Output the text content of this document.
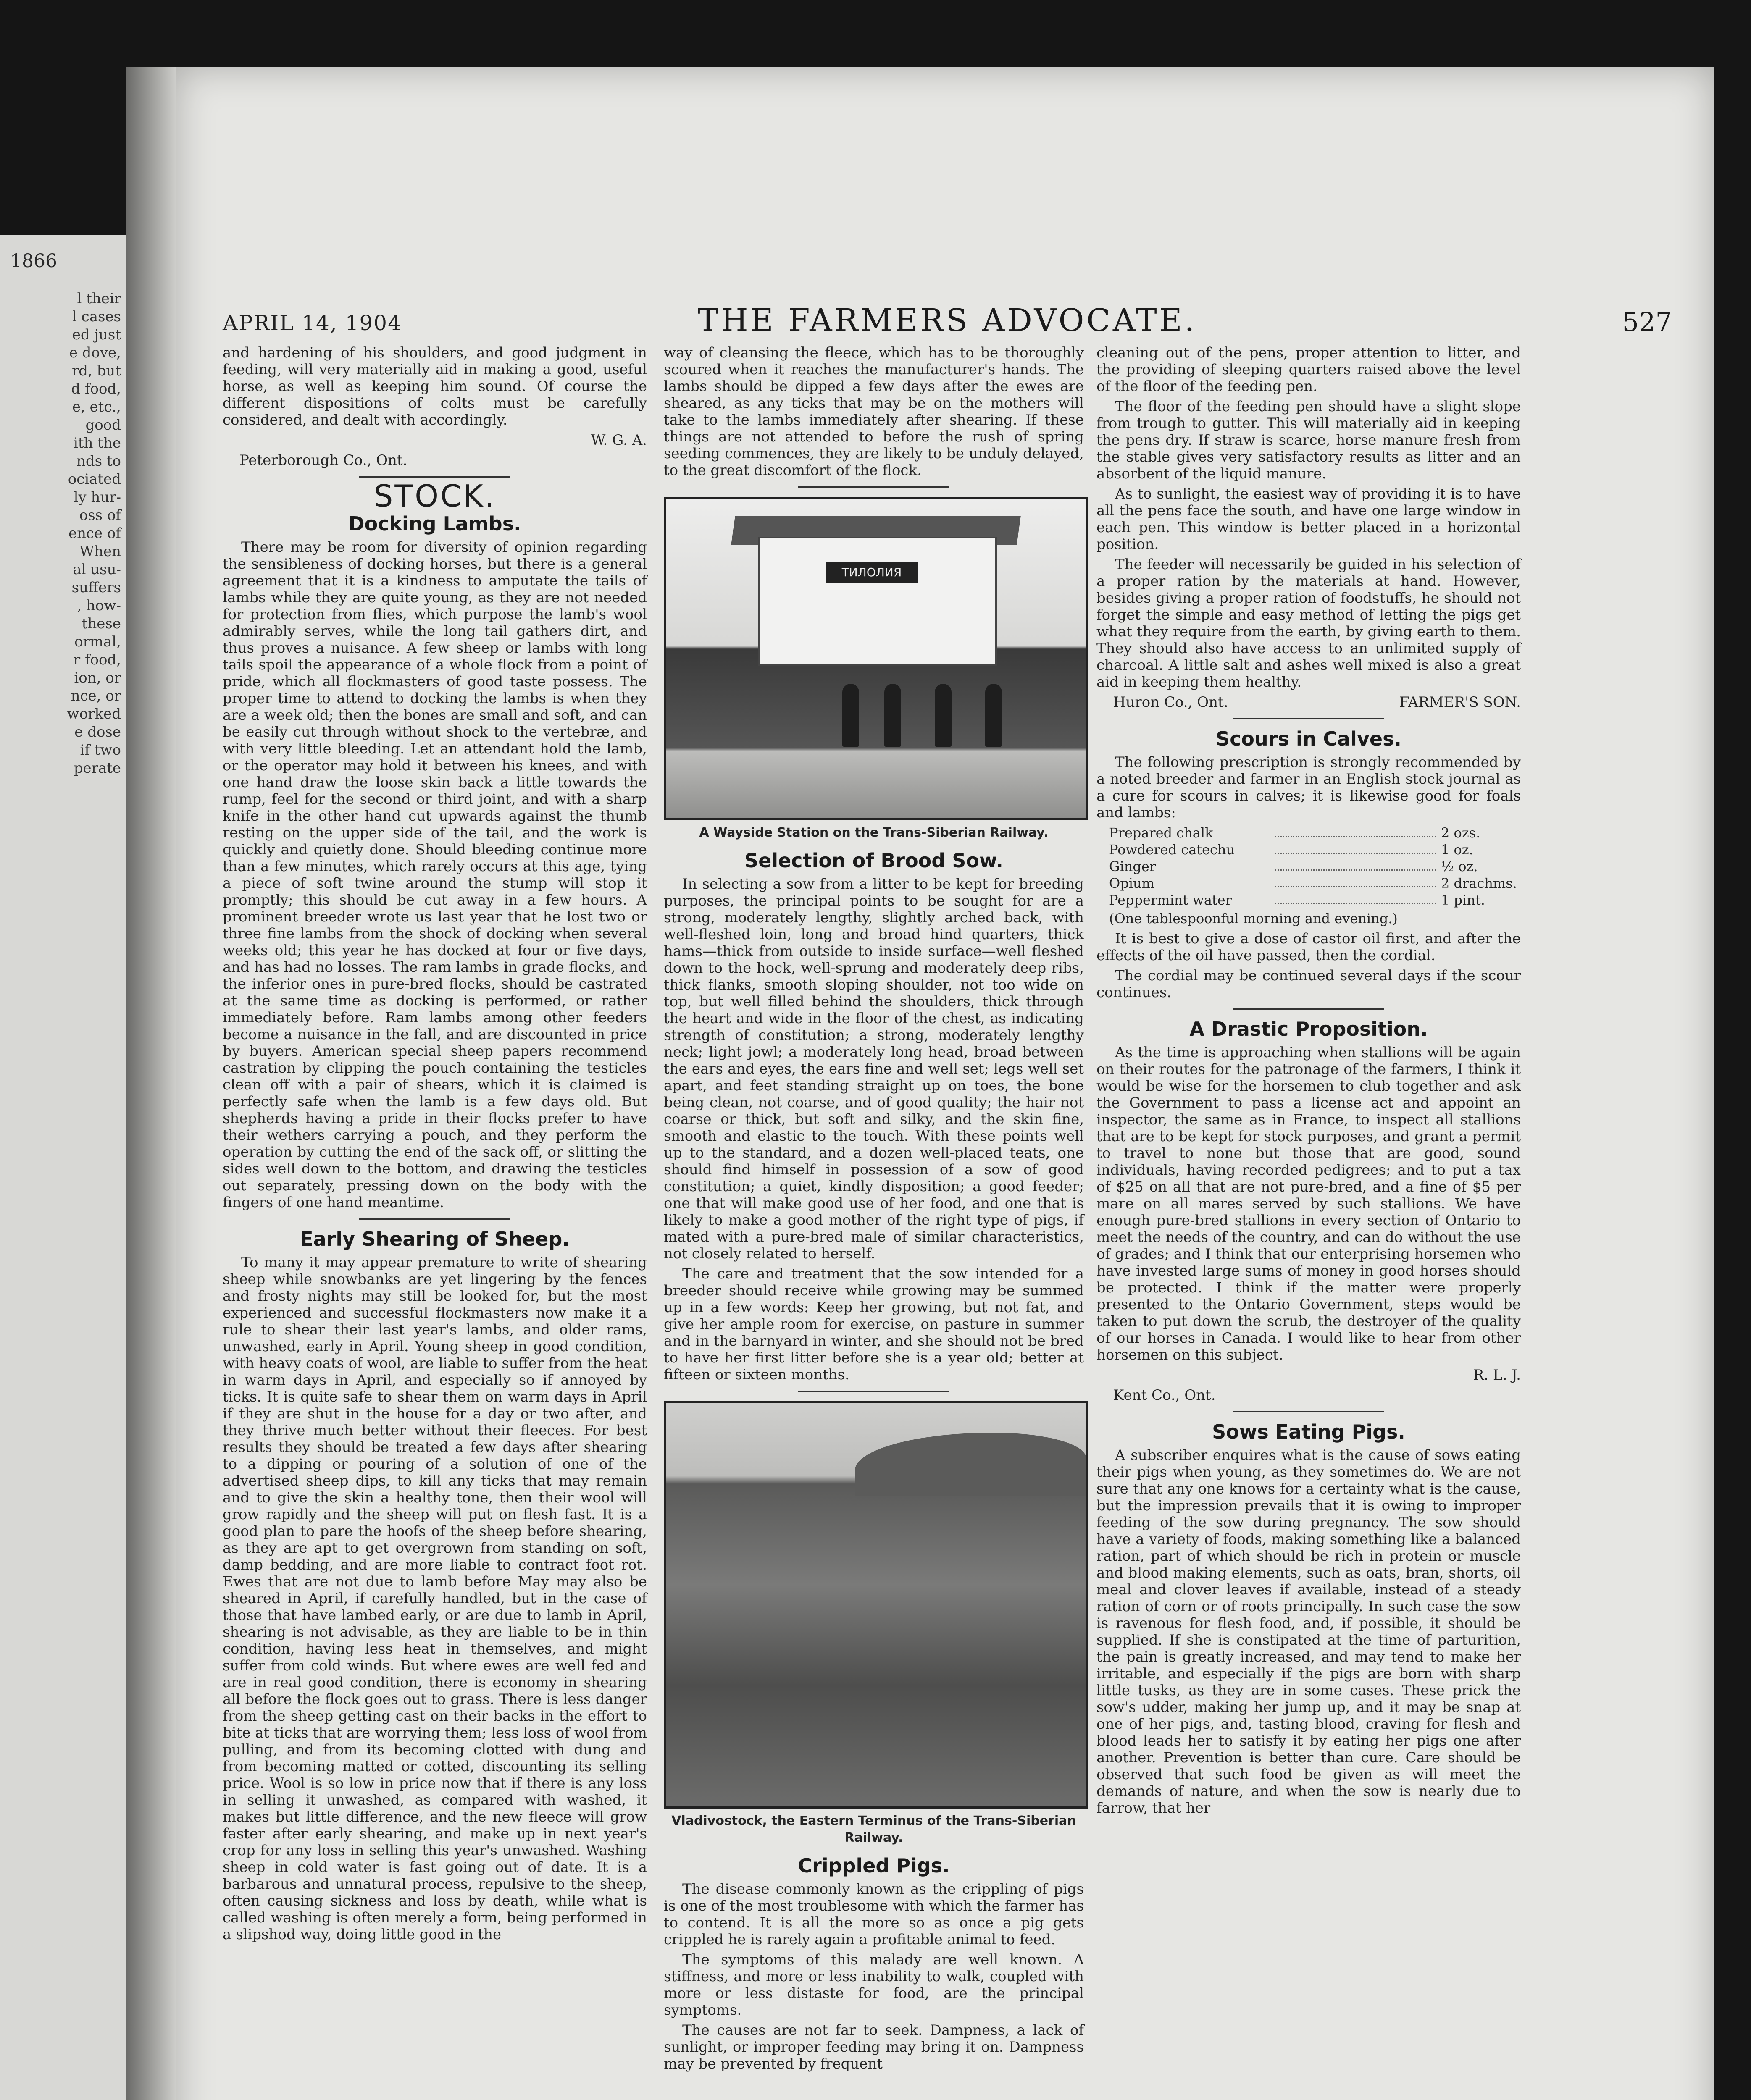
1866
l their
l cases
ed just
e dove,
rd, but
d food,
e, etc.,
good
ith the
nds to
ociated
ly hur-
oss of
ence of
When
al usu-
suffers
, how-
these
ormal,
r food,
ion, or
nce, or
worked
e dose
if two
perate
THE FARMERS ADVOCATE.
APRIL 14, 1904	527

and hardening of his shoulders, and good judgment in feeding, will very materially aid in making a good, useful horse, as well as keeping him sound. Of course the different dispositions of colts must be carefully considered, and dealt with accordingly.

W. G. A.
Peterborough Co., Ont.
STOCK.
Docking Lambs.

There may be room for diversity of opinion regarding the sensibleness of docking horses, but there is a general agreement that it is a kindness to amputate the tails of lambs while they are quite young, as they are not needed for protection from flies, which purpose the lamb's wool admirably serves, while the long tail gathers dirt, and thus proves a nuisance. A few sheep or lambs with long tails spoil the appearance of a whole flock from a point of pride, which all flockmasters of good taste possess. The proper time to attend to docking the lambs is when they are a week old; then the bones are small and soft, and can be easily cut through without shock to the vertebræ, and with very little bleeding. Let an attendant hold the lamb, or the operator may hold it between his knees, and with one hand draw the loose skin back a little towards the rump, feel for the second or third joint, and with a sharp knife in the other hand cut upwards against the thumb resting on the upper side of the tail, and the work is quickly and quietly done. Should bleeding continue more than a few minutes, which rarely occurs at this age, tying a piece of soft twine around the stump will stop it promptly; this should be cut away in a few hours. A prominent breeder wrote us last year that he lost two or three fine lambs from the shock of docking when several weeks old; this year he has docked at four or five days, and has had no losses. The ram lambs in grade flocks, and the inferior ones in pure-bred flocks, should be castrated at the same time as docking is performed, or rather immediately before. Ram lambs among other feeders become a nuisance in the fall, and are discounted in price by buyers. American special sheep papers recommend castration by clipping the pouch containing the testicles clean off with a pair of shears, which it is claimed is perfectly safe when the lamb is a few days old. But shepherds having a pride in their flocks prefer to have their wethers carrying a pouch, and they perform the operation by cutting the end of the sack off, or slitting the sides well down to the bottom, and drawing the testicles out separately, pressing down on the body with the fingers of one hand meantime.

Early Shearing of Sheep.

To many it may appear premature to write of shearing sheep while snowbanks are yet lingering by the fences and frosty nights may still be looked for, but the most experienced and successful flockmasters now make it a rule to shear their last year's lambs, and older rams, unwashed, early in April. Young sheep in good condition, with heavy coats of wool, are liable to suffer from the heat in warm days in April, and especially so if annoyed by ticks. It is quite safe to shear them on warm days in April if they are shut in the house for a day or two after, and they thrive much better without their fleeces. For best results they should be treated a few days after shearing to a dipping or pouring of a solution of one of the advertised sheep dips, to kill any ticks that may remain and to give the skin a healthy tone, then their wool will grow rapidly and the sheep will put on flesh fast. It is a good plan to pare the hoofs of the sheep before shearing, as they are apt to get overgrown from standing on soft, damp bedding, and are more liable to contract foot rot. Ewes that are not due to lamb before May may also be sheared in April, if carefully handled, but in the case of those that have lambed early, or are due to lamb in April, shearing is not advisable, as they are liable to be in thin condition, having less heat in themselves, and might suffer from cold winds. But where ewes are well fed and are in real good condition, there is economy in shearing all before the flock goes out to grass. There is less danger from the sheep getting cast on their backs in the effort to bite at ticks that are worrying them; less loss of wool from pulling, and from its becoming clotted with dung and from becoming matted or cotted, discounting its selling price. Wool is so low in price now that if there is any loss in selling it unwashed, as compared with washed, it makes but little difference, and the new fleece will grow faster after early shearing, and make up in next year's crop for any loss in selling this year's unwashed. Washing sheep in cold water is fast going out of date. It is a barbarous and unnatural process, repulsive to the sheep, often causing sickness and loss by death, while what is called washing is often merely a form, being performed in a slipshod way, doing little good in the

way of cleansing the fleece, which has to be thoroughly scoured when it reaches the manufacturer's hands. The lambs should be dipped a few days after the ewes are sheared, as any ticks that may be on the mothers will take to the lambs immediately after shearing. If these things are not attended to before the rush of spring seeding commences, they are likely to be unduly delayed, to the great discomfort of the flock.

ТИЛОЛИЯ
A Wayside Station on the Trans-Siberian Railway.
Selection of Brood Sow.

In selecting a sow from a litter to be kept for breeding purposes, the principal points to be sought for are a strong, moderately lengthy, slightly arched back, with well-fleshed loin, long and broad hind quarters, thick hams—thick from outside to inside surface—well fleshed down to the hock, well-sprung and moderately deep ribs, thick flanks, smooth sloping shoulder, not too wide on top, but well filled behind the shoulders, thick through the heart and wide in the floor of the chest, as indicating strength of constitution; a strong, moderately lengthy neck; light jowl; a moderately long head, broad between the ears and eyes, the ears fine and well set; legs well set apart, and feet standing straight up on toes, the bone being clean, not coarse, and of good quality; the hair not coarse or thick, but soft and silky, and the skin fine, smooth and elastic to the touch. With these points well up to the standard, and a dozen well-placed teats, one should find himself in possession of a sow of good constitution; a quiet, kindly disposition; a good feeder; one that will make good use of her food, and one that is likely to make a good mother of the right type of pigs, if mated with a pure-bred male of similar characteristics, not closely related to herself.

The care and treatment that the sow intended for a breeder should receive while growing may be summed up in a few words: Keep her growing, but not fat, and give her ample room for exercise, on pasture in summer and in the barnyard in winter, and she should not be bred to have her first litter before she is a year old; better at fifteen or sixteen months.

Vladivostock, the Eastern Terminus of the Trans-Siberian Railway.
Crippled Pigs.

The disease commonly known as the crippling of pigs is one of the most troublesome with which the farmer has to contend. It is all the more so as once a pig gets crippled he is rarely again a profitable animal to feed.

The symptoms of this malady are well known. A stiffness, and more or less inability to walk, coupled with more or less distaste for food, are the principal symptoms.

The causes are not far to seek. Dampness, a lack of sunlight, or improper feeding may bring it on. Dampness may be prevented by frequent

cleaning out of the pens, proper attention to litter, and the providing of sleeping quarters raised above the level of the floor of the feeding pen.

The floor of the feeding pen should have a slight slope from trough to gutter. This will materially aid in keeping the pens dry. If straw is scarce, horse manure fresh from the stable gives very satisfactory results as litter and an absorbent of the liquid manure.

As to sunlight, the easiest way of providing it is to have all the pens face the south, and have one large window in each pen. This window is better placed in a horizontal position.

The feeder will necessarily be guided in his selection of a proper ration by the materials at hand. However, besides giving a proper ration of foodstuffs, he should not forget the simple and easy method of letting the pigs get what they require from the earth, by giving earth to them. They should also have access to an unlimited supply of charcoal. A little salt and ashes well mixed is also a great aid in keeping them healthy.

Huron Co., Ont.	FARMER'S SON.
Scours in Calves.

The following prescription is strongly recommended by a noted breeder and farmer in an English stock journal as a cure for scours in calves; it is likewise good for foals and lambs:

Prepared chalk	2 ozs.
Powdered catechu	1 oz.
Ginger	½ oz.
Opium	2 drachms.
Peppermint water	1 pint.
(One tablespoonful morning and evening.)

It is best to give a dose of castor oil first, and after the effects of the oil have passed, then the cordial.

The cordial may be continued several days if the scour continues.

A Drastic Proposition.

As the time is approaching when stallions will be again on their routes for the patronage of the farmers, I think it would be wise for the horsemen to club together and ask the Government to pass a license act and appoint an inspector, the same as in France, to inspect all stallions that are to be kept for stock purposes, and grant a permit to travel to none but those that are good, sound individuals, having recorded pedigrees; and to put a tax of $25 on all that are not pure-bred, and a fine of $5 per mare on all mares served by such stallions. We have enough pure-bred stallions in every section of Ontario to meet the needs of the country, and can do without the use of grades; and I think that our enterprising horsemen who have invested large sums of money in good horses should be protected. I think if the matter were properly presented to the Ontario Government, steps would be taken to put down the scrub, the destroyer of the quality of our horses in Canada. I would like to hear from other horsemen on this subject.

R. L. J.
Kent Co., Ont.
Sows Eating Pigs.

A subscriber enquires what is the cause of sows eating their pigs when young, as they sometimes do. We are not sure that any one knows for a certainty what is the cause, but the impression prevails that it is owing to improper feeding of the sow during pregnancy. The sow should have a variety of foods, making something like a balanced ration, part of which should be rich in protein or muscle and blood making elements, such as oats, bran, shorts, oil meal and clover leaves if available, instead of a steady ration of corn or of roots principally. In such case the sow is ravenous for flesh food, and, if possible, it should be supplied. If she is constipated at the time of parturition, the pain is greatly increased, and may tend to make her irritable, and especially if the pigs are born with sharp little tusks, as they are in some cases. These prick the sow's udder, making her jump up, and it may be snap at one of her pigs, and, tasting blood, craving for flesh and blood leads her to satisfy it by eating her pigs one after another. Prevention is better than cure. Care should be observed that such food be given as will meet the demands of nature, and when the sow is nearly due to farrow, that her
